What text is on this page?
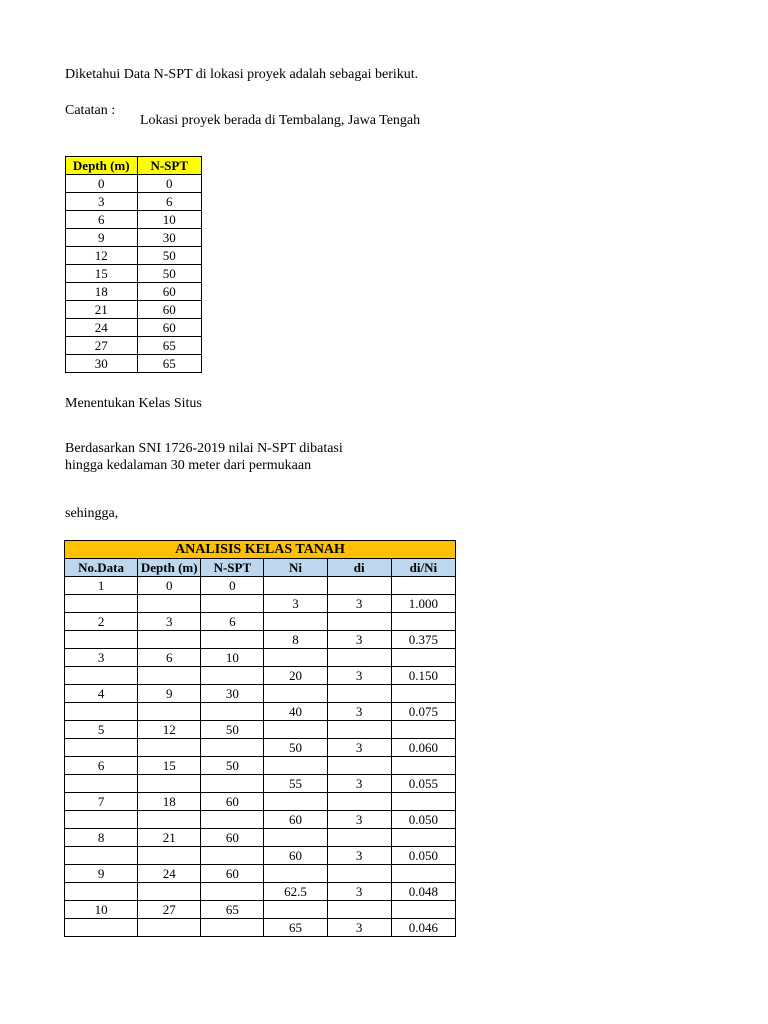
Diketahui Data N-SPT di lokasi proyek adalah sebagai berikut.
Catatan :
Lokasi proyek berada di Tembalang, Jawa Tengah
Depth (m)	N-SPT
0	0
3	6
6	10
9	30
12	50
15	50
18	60
21	60
24	60
27	65
30	65
Menentukan Kelas Situs
Berdasarkan SNI 1726-2019 nilai N-SPT dibatasi
hingga kedalaman 30 meter dari permukaan
sehingga,
ANALISIS KELAS TANAH					
No.Data	Depth (m)	N-SPT	Ni	di	di/Ni
1	0	0			
			3	3	1.000
2	3	6			
			8	3	0.375
3	6	10			
			20	3	0.150
4	9	30			
			40	3	0.075
5	12	50			
			50	3	0.060
6	15	50			
			55	3	0.055
7	18	60			
			60	3	0.050
8	21	60			
			60	3	0.050
9	24	60			
			62.5	3	0.048
10	27	65			
			65	3	0.046
